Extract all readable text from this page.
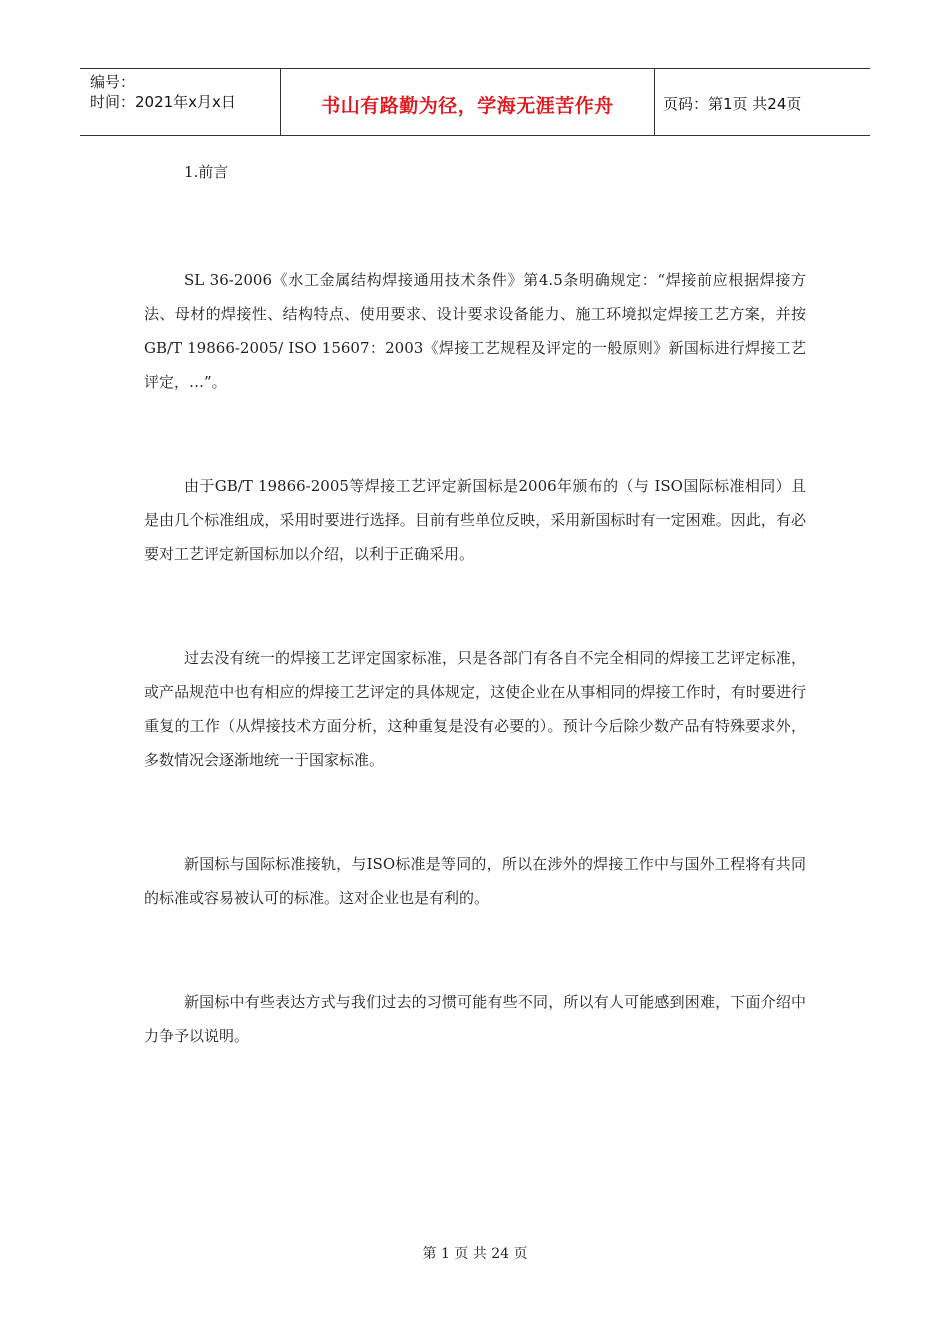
编号：
时间：2021年x月x日	书山有路勤为径，学海无涯苦作舟	页码：第1页 共24页

1.前言

SL 36-2006《水工金属结构焊接通用技术条件》第4.5条明确规定：“焊接前应根据焊接方法、母材的焊接性、结构特点、使用要求、设计要求设备能力、施工环境拟定焊接工艺方案，并按GB/T 19866-2005/ ISO 15607：2003《焊接工艺规程及评定的一般原则》新国标进行焊接工艺评定，…”。

由于GB/T 19866-2005等焊接工艺评定新国标是2006年颁布的（与 ISO国际标准相同）且是由几个标准组成，采用时要进行选择。目前有些单位反映，采用新国标时有一定困难。因此，有必要对工艺评定新国标加以介绍，以利于正确采用。

过去没有统一的焊接工艺评定国家标准，只是各部门有各自不完全相同的焊接工艺评定标准，或产品规范中也有相应的焊接工艺评定的具体规定，这使企业在从事相同的焊接工作时，有时要进行重复的工作（从焊接技术方面分析，这种重复是没有必要的）。预计今后除少数产品有特殊要求外，多数情况会逐渐地统一于国家标准。

新国标与国际标准接轨，与ISO标准是等同的，所以在涉外的焊接工作中与国外工程将有共同的标准或容易被认可的标准。这对企业也是有利的。

新国标中有些表达方式与我们过去的习惯可能有些不同，所以有人可能感到困难，下面介绍中力争予以说明。

第 1 页 共 24 页
